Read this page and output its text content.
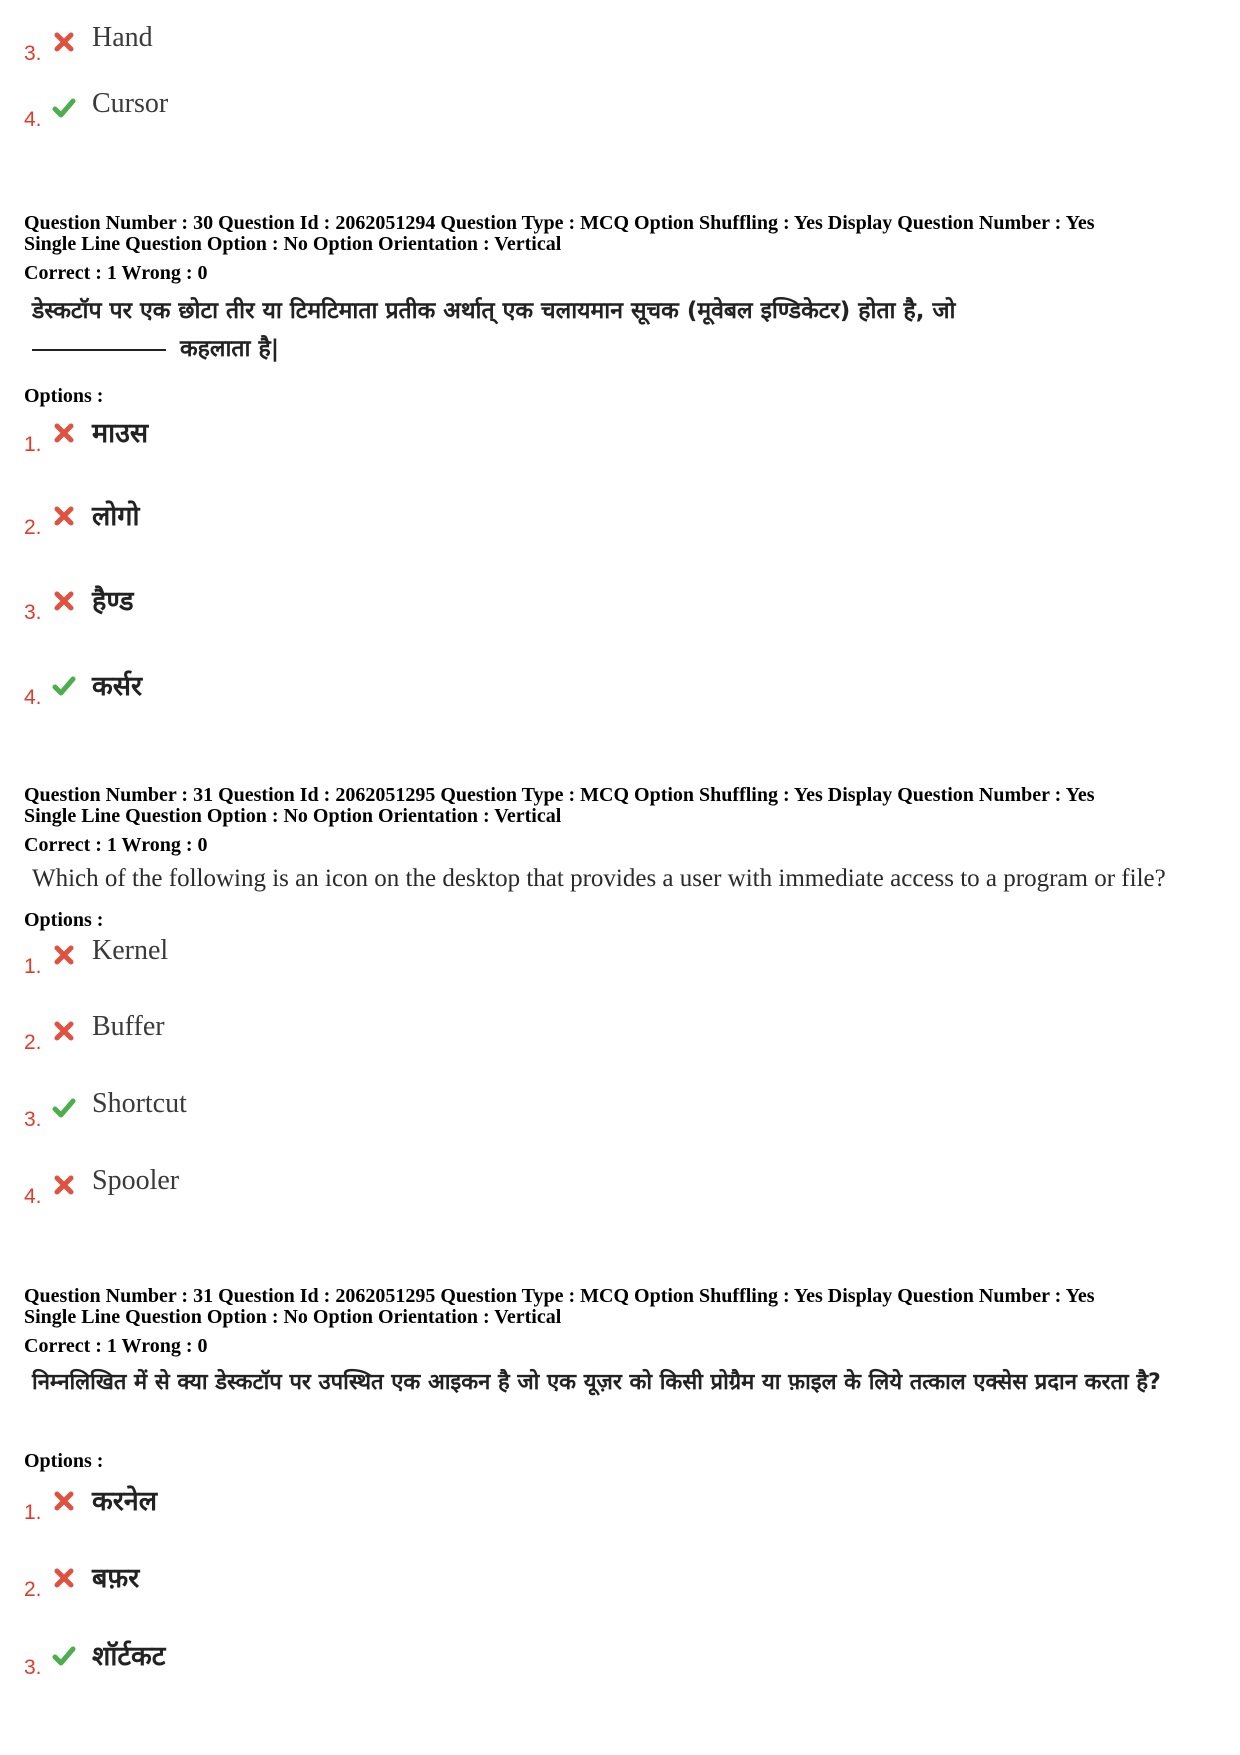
3.
Hand
4.
Cursor
Question Number : 30 Question Id : 2062051294 Question Type : MCQ Option Shuffling : Yes Display Question Number : Yes
Single Line Question Option : No Option Orientation : Vertical
Correct : 1 Wrong : 0
डेस्कटॉप पर एक छोटा तीर या टिमटिमाता प्रतीक अर्थात् एक चलायमान सूचक (मूवेबल इण्डिकेटर) होता है, जो
कहलाता है|
Options :
1. माउस
2. लोगो
3. हैण्ड
4. कर्सर
Question Number : 31 Question Id : 2062051295 Question Type : MCQ Option Shuffling : Yes Display Question Number : Yes
Single Line Question Option : No Option Orientation : Vertical
Correct : 1 Wrong : 0
Which of the following is an icon on the desktop that provides a user with immediate access to a program or file?
Options :
1.
Kernel
2.
Buffer
3.
Shortcut
4.
Spooler
Question Number : 31 Question Id : 2062051295 Question Type : MCQ Option Shuffling : Yes Display Question Number : Yes
Single Line Question Option : No Option Orientation : Vertical
Correct : 1 Wrong : 0
निम्नलिखित में से क्या डेस्कटॉप पर उपस्थित एक आइकन है जो एक यूज़र को किसी प्रोग्रैम या फ़ाइल के लिये तत्काल एक्सेस प्रदान करता है?
Options :
1. करनेल
2. बफ़र
3. शॉर्टकट
